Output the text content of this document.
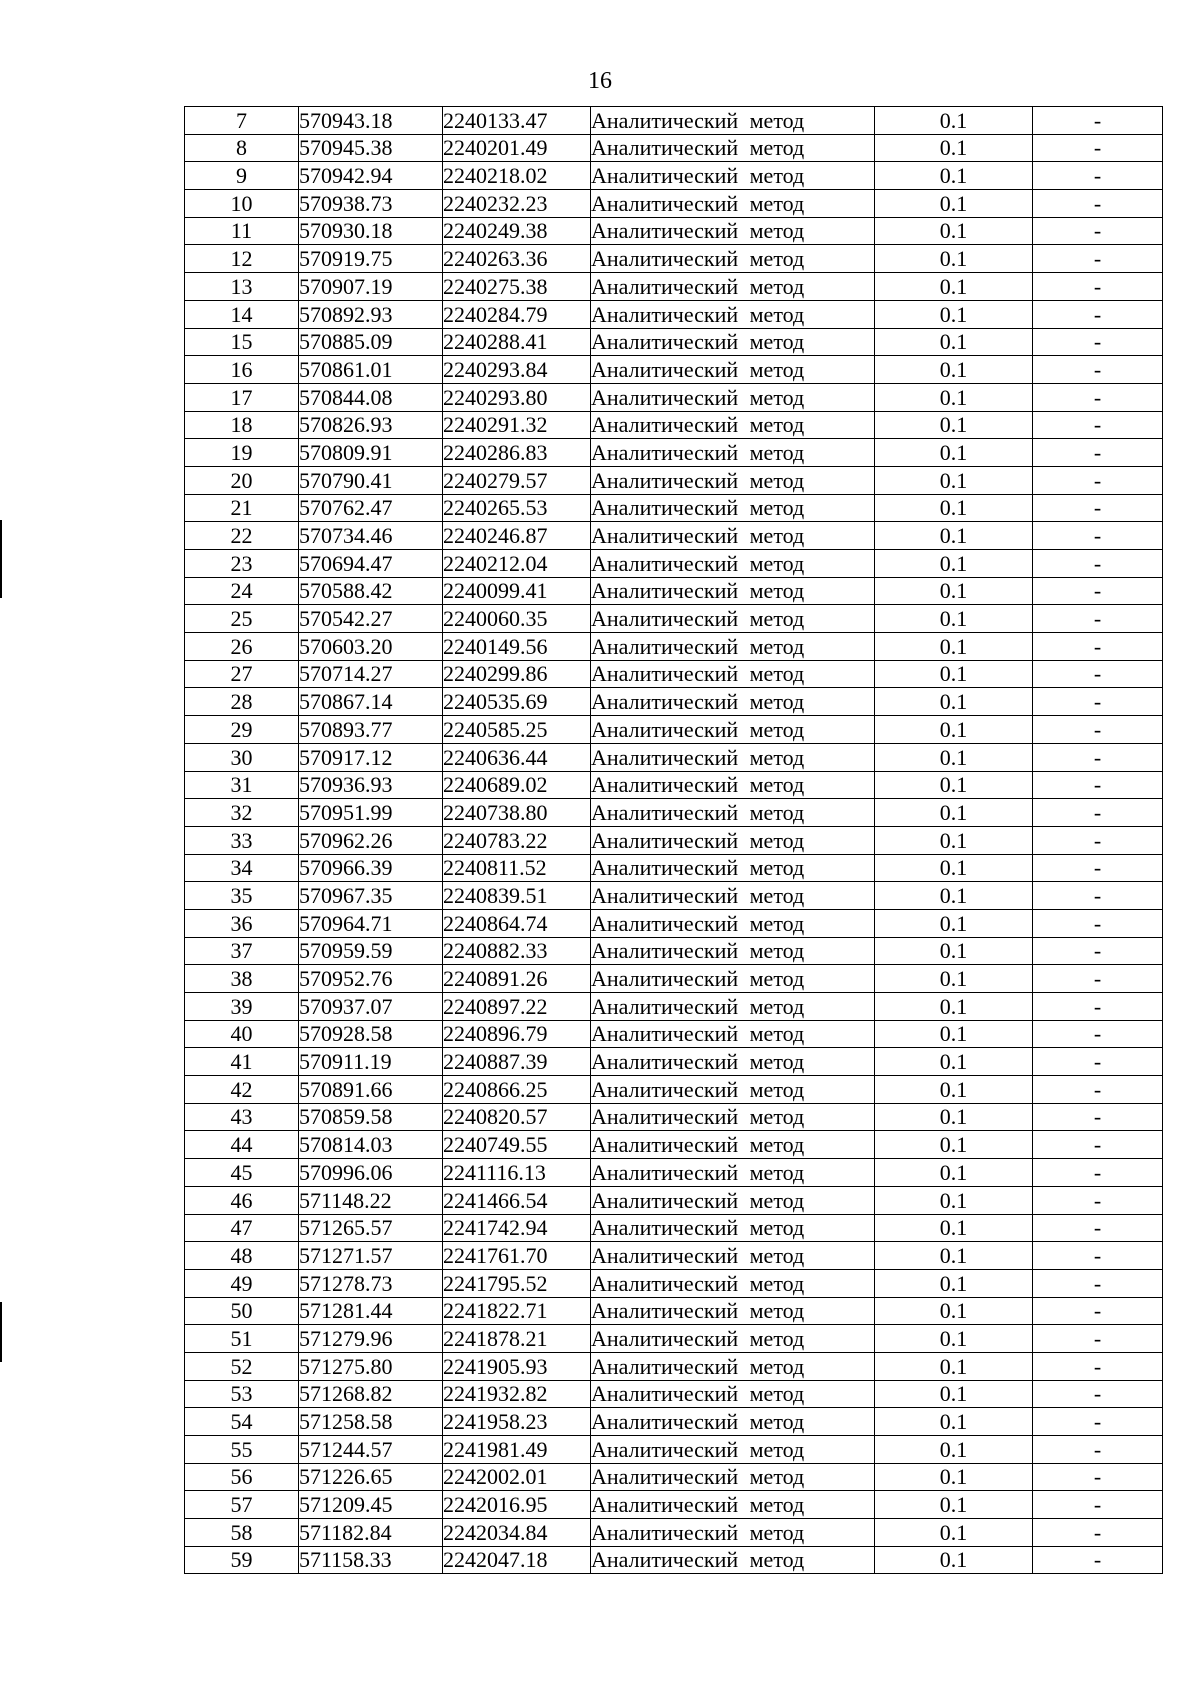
16
7	570943.18	2240133.47	Аналитический метод	0.1	-
8	570945.38	2240201.49	Аналитический метод	0.1	-
9	570942.94	2240218.02	Аналитический метод	0.1	-
10	570938.73	2240232.23	Аналитический метод	0.1	-
11	570930.18	2240249.38	Аналитический метод	0.1	-
12	570919.75	2240263.36	Аналитический метод	0.1	-
13	570907.19	2240275.38	Аналитический метод	0.1	-
14	570892.93	2240284.79	Аналитический метод	0.1	-
15	570885.09	2240288.41	Аналитический метод	0.1	-
16	570861.01	2240293.84	Аналитический метод	0.1	-
17	570844.08	2240293.80	Аналитический метод	0.1	-
18	570826.93	2240291.32	Аналитический метод	0.1	-
19	570809.91	2240286.83	Аналитический метод	0.1	-
20	570790.41	2240279.57	Аналитический метод	0.1	-
21	570762.47	2240265.53	Аналитический метод	0.1	-
22	570734.46	2240246.87	Аналитический метод	0.1	-
23	570694.47	2240212.04	Аналитический метод	0.1	-
24	570588.42	2240099.41	Аналитический метод	0.1	-
25	570542.27	2240060.35	Аналитический метод	0.1	-
26	570603.20	2240149.56	Аналитический метод	0.1	-
27	570714.27	2240299.86	Аналитический метод	0.1	-
28	570867.14	2240535.69	Аналитический метод	0.1	-
29	570893.77	2240585.25	Аналитический метод	0.1	-
30	570917.12	2240636.44	Аналитический метод	0.1	-
31	570936.93	2240689.02	Аналитический метод	0.1	-
32	570951.99	2240738.80	Аналитический метод	0.1	-
33	570962.26	2240783.22	Аналитический метод	0.1	-
34	570966.39	2240811.52	Аналитический метод	0.1	-
35	570967.35	2240839.51	Аналитический метод	0.1	-
36	570964.71	2240864.74	Аналитический метод	0.1	-
37	570959.59	2240882.33	Аналитический метод	0.1	-
38	570952.76	2240891.26	Аналитический метод	0.1	-
39	570937.07	2240897.22	Аналитический метод	0.1	-
40	570928.58	2240896.79	Аналитический метод	0.1	-
41	570911.19	2240887.39	Аналитический метод	0.1	-
42	570891.66	2240866.25	Аналитический метод	0.1	-
43	570859.58	2240820.57	Аналитический метод	0.1	-
44	570814.03	2240749.55	Аналитический метод	0.1	-
45	570996.06	2241116.13	Аналитический метод	0.1	-
46	571148.22	2241466.54	Аналитический метод	0.1	-
47	571265.57	2241742.94	Аналитический метод	0.1	-
48	571271.57	2241761.70	Аналитический метод	0.1	-
49	571278.73	2241795.52	Аналитический метод	0.1	-
50	571281.44	2241822.71	Аналитический метод	0.1	-
51	571279.96	2241878.21	Аналитический метод	0.1	-
52	571275.80	2241905.93	Аналитический метод	0.1	-
53	571268.82	2241932.82	Аналитический метод	0.1	-
54	571258.58	2241958.23	Аналитический метод	0.1	-
55	571244.57	2241981.49	Аналитический метод	0.1	-
56	571226.65	2242002.01	Аналитический метод	0.1	-
57	571209.45	2242016.95	Аналитический метод	0.1	-
58	571182.84	2242034.84	Аналитический метод	0.1	-
59	571158.33	2242047.18	Аналитический метод	0.1	-
